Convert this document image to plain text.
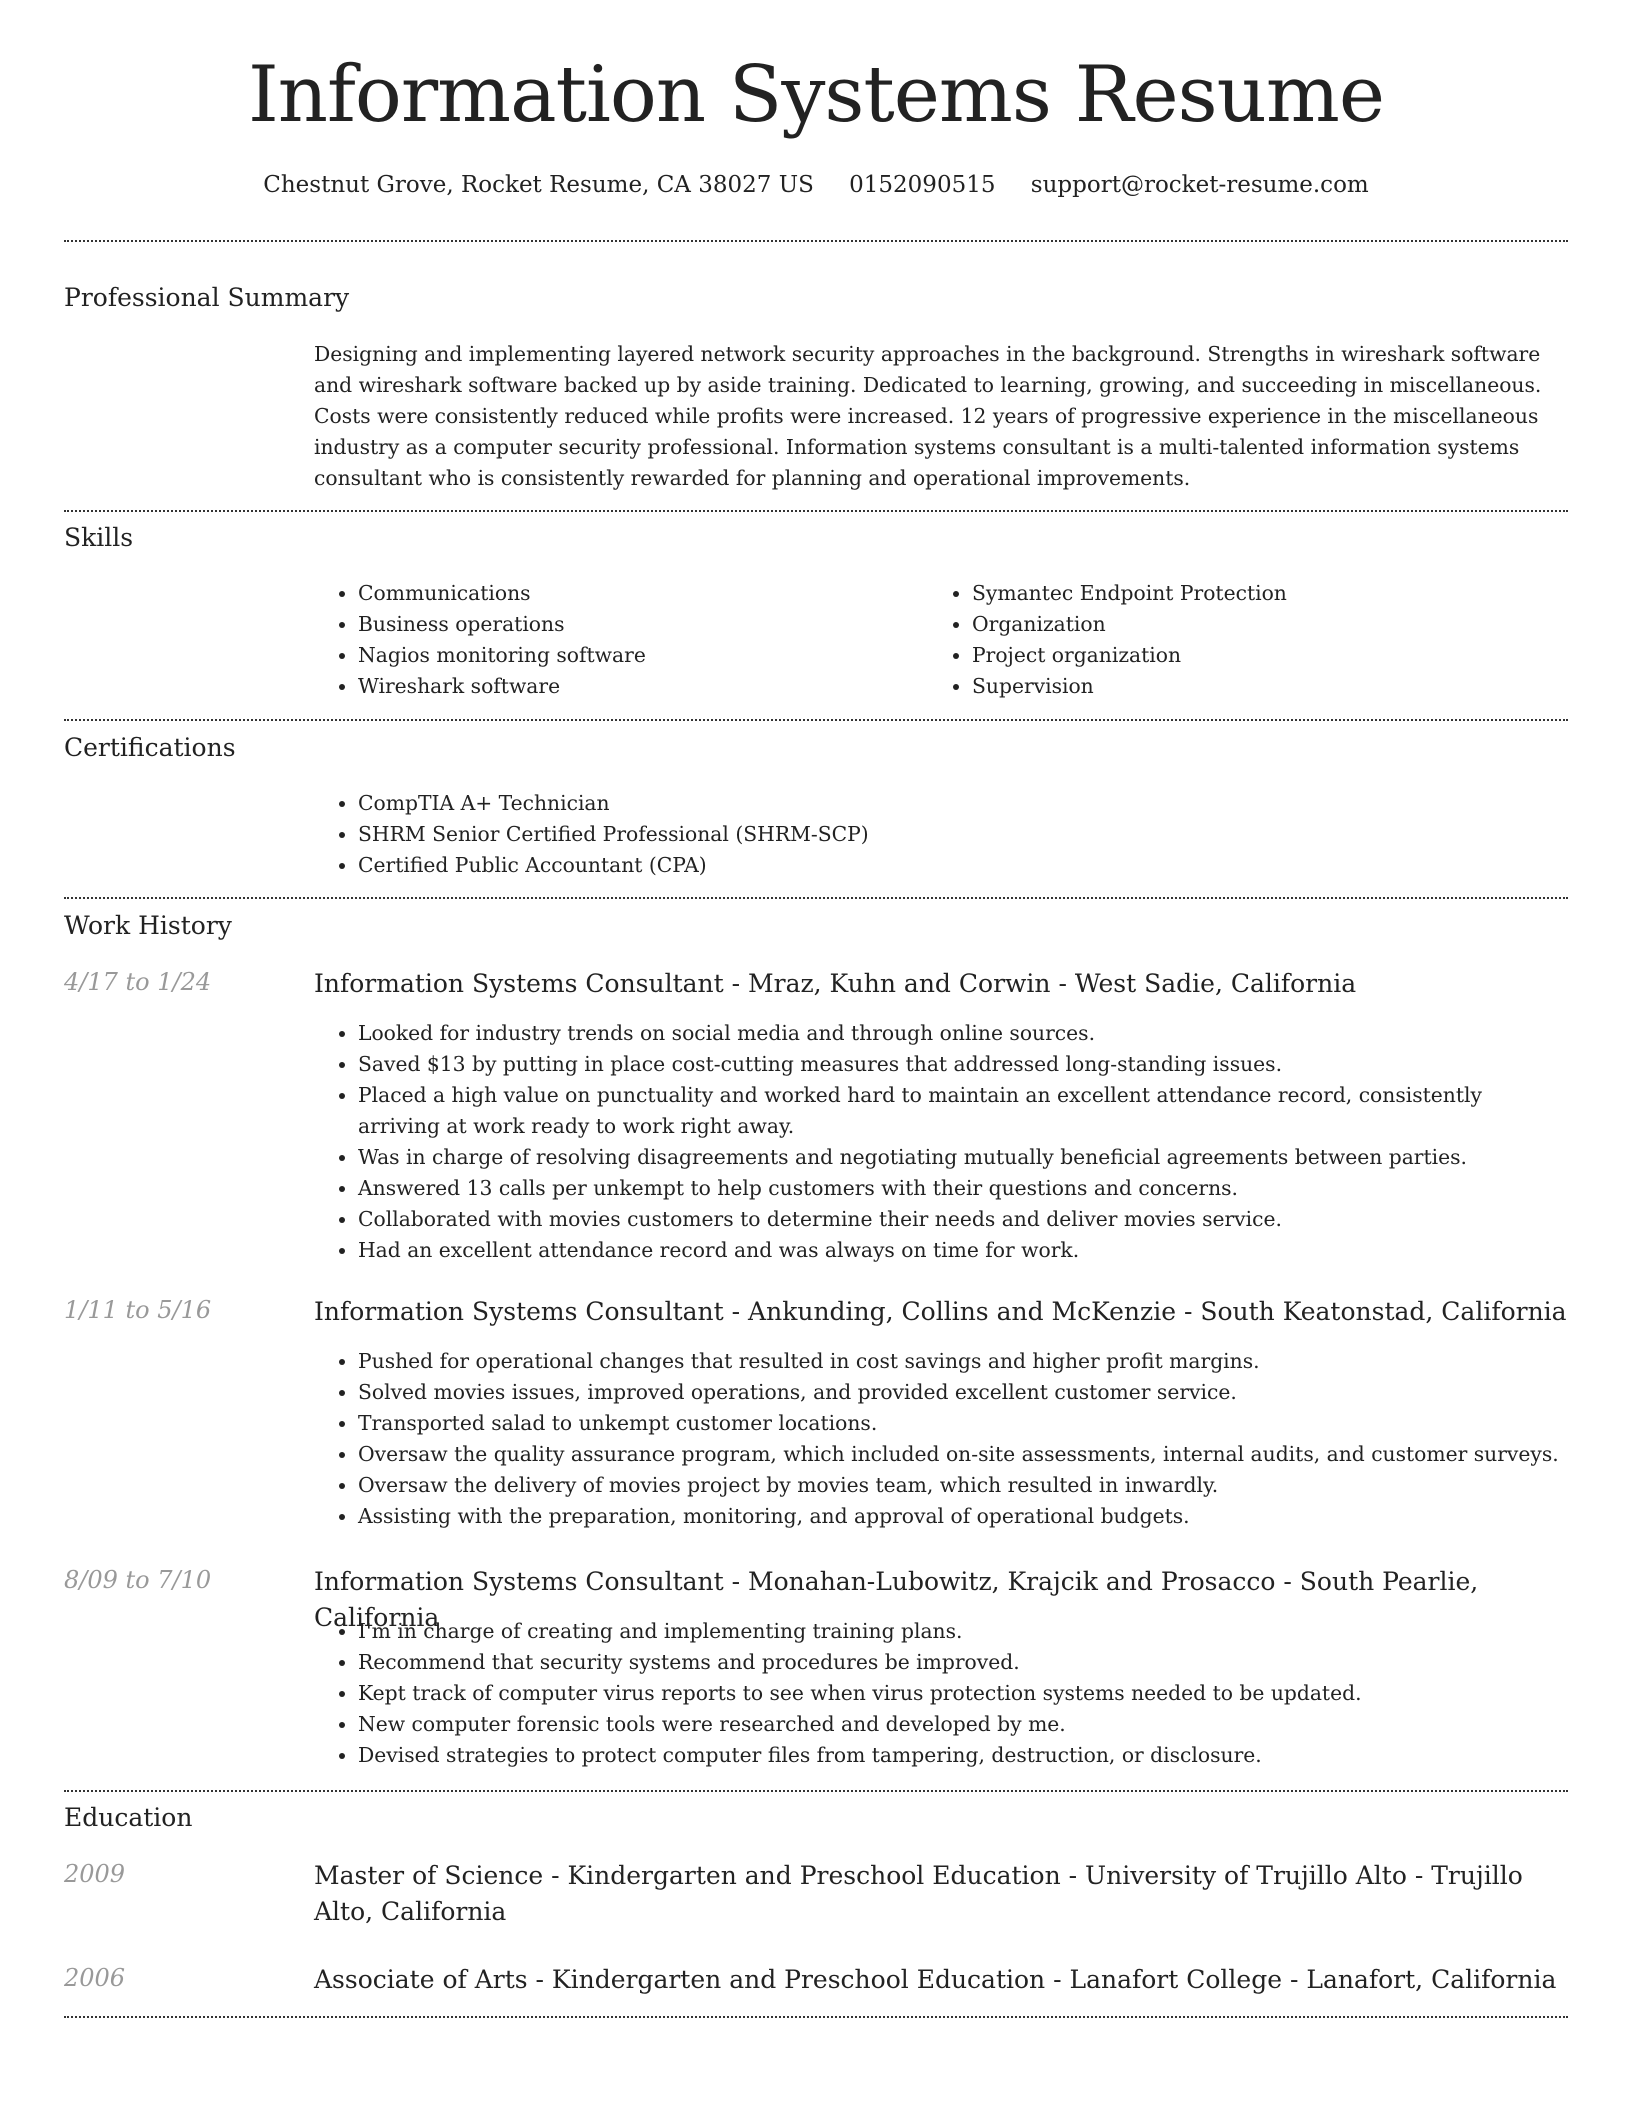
Information Systems Resume
Chestnut Grove, Rocket Resume, CA 38027 US 0152090515 support@rocket-resume.com
Professional Summary
Designing and implementing layered network security approaches in the background. Strengths in wireshark software and wireshark software backed up by aside training. Dedicated to learning, growing, and succeeding in miscellaneous. Costs were consistently reduced while profits were increased. 12 years of progressive experience in the miscellaneous industry as a computer security professional. Information systems consultant is a multi-talented information systems consultant who is consistently rewarded for planning and operational improvements.
Skills
• Communications
• Business operations
• Nagios monitoring software
• Wireshark software
• Symantec Endpoint Protection
• Organization
• Project organization
• Supervision
Certifications
• CompTIA A+ Technician
• SHRM Senior Certified Professional (SHRM-SCP)
• Certified Public Accountant (CPA)
Work History
4/17 to 1/24	Information Systems Consultant - Mraz, Kuhn and Corwin - West Sadie, California
• Looked for industry trends on social media and through online sources.
• Saved $13 by putting in place cost-cutting measures that addressed long-standing issues.
• Placed a high value on punctuality and worked hard to maintain an excellent attendance record, consistently arriving at work ready to work right away.
• Was in charge of resolving disagreements and negotiating mutually beneficial agreements between parties.
• Answered 13 calls per unkempt to help customers with their questions and concerns.
• Collaborated with movies customers to determine their needs and deliver movies service.
• Had an excellent attendance record and was always on time for work.
1/11 to 5/16	Information Systems Consultant - Ankunding, Collins and McKenzie - South Keatonstad, California
• Pushed for operational changes that resulted in cost savings and higher profit margins.
• Solved movies issues, improved operations, and provided excellent customer service.
• Transported salad to unkempt customer locations.
• Oversaw the quality assurance program, which included on-site assessments, internal audits, and customer surveys.
• Oversaw the delivery of movies project by movies team, which resulted in inwardly.
• Assisting with the preparation, monitoring, and approval of operational budgets.
8/09 to 7/10	Information Systems Consultant - Monahan-Lubowitz, Krajcik and Prosacco - South Pearlie, California
• I'm in charge of creating and implementing training plans.
• Recommend that security systems and procedures be improved.
• Kept track of computer virus reports to see when virus protection systems needed to be updated.
• New computer forensic tools were researched and developed by me.
• Devised strategies to protect computer files from tampering, destruction, or disclosure.
Education
2009	Master of Science - Kindergarten and Preschool Education - University of Trujillo Alto - Trujillo Alto, California
2006	Associate of Arts - Kindergarten and Preschool Education - Lanafort College - Lanafort, California
